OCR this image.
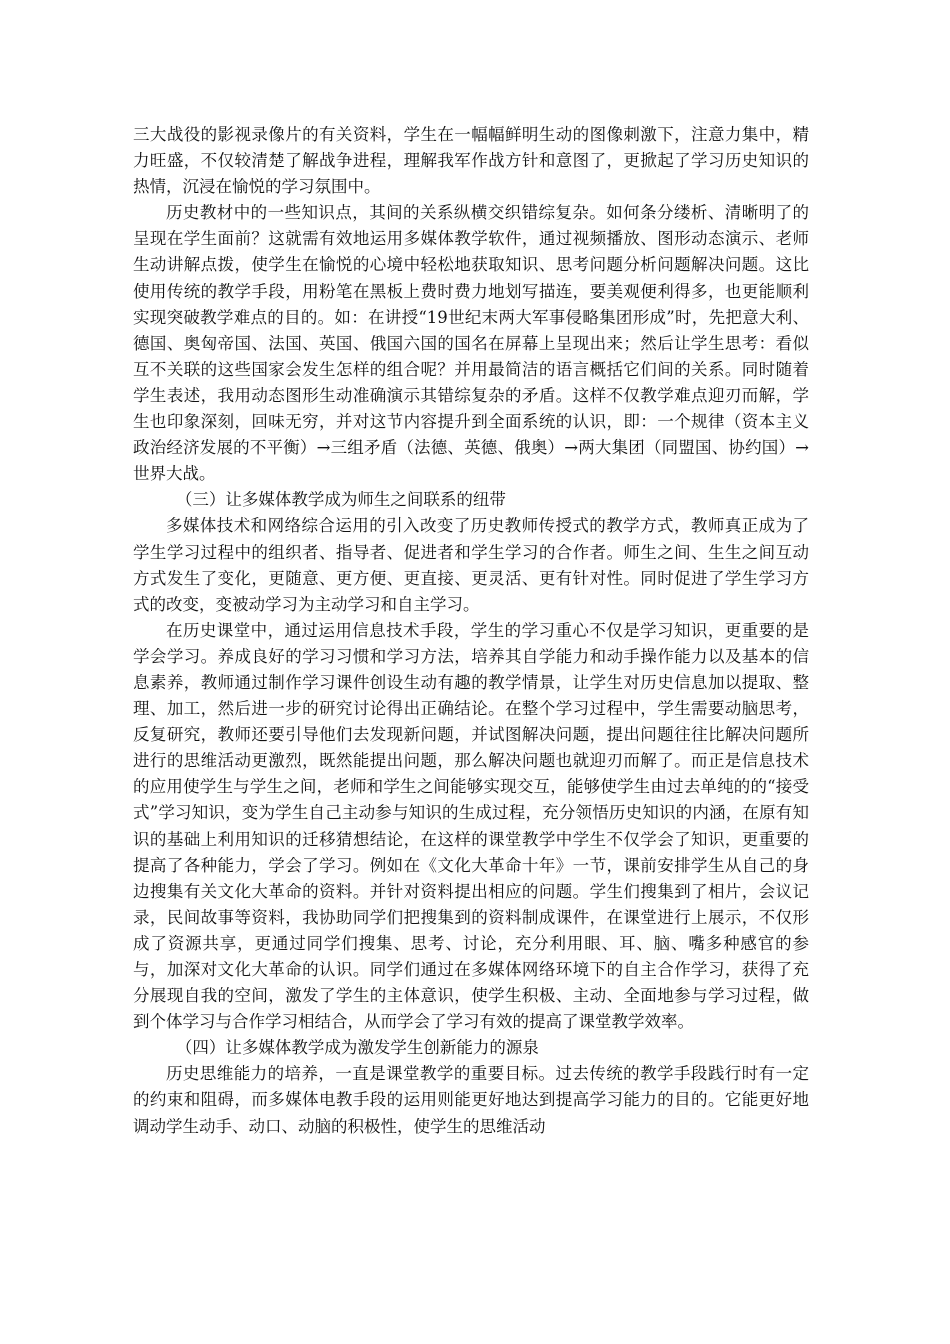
三大战役的影视录像片的有关资料，学生在一幅幅鲜明生动的图像刺激下，注意力集中，精力旺盛，不仅较清楚了解战争进程，理解我军作战方针和意图了，更掀起了学习历史知识的热情，沉浸在愉悦的学习氛围中。

历史教材中的一些知识点，其间的关系纵横交织错综复杂。如何条分缕析、清晰明了的呈现在学生面前？这就需有效地运用多媒体教学软件，通过视频播放、图形动态演示、老师生动讲解点拨，使学生在愉悦的心境中轻松地获取知识、思考问题分析问题解决问题。这比使用传统的教学手段，用粉笔在黑板上费时费力地划写描连，要美观便利得多，也更能顺利实现突破教学难点的目的。如：在讲授“19世纪末两大军事侵略集团形成”时，先把意大利、德国、奥匈帝国、法国、英国、俄国六国的国名在屏幕上呈现出来；然后让学生思考：看似互不关联的这些国家会发生怎样的组合呢？并用最简洁的语言概括它们间的关系。同时随着学生表述，我用动态图形生动准确演示其错综复杂的矛盾。这样不仅教学难点迎刃而解，学生也印象深刻，回味无穷，并对这节内容提升到全面系统的认识，即：一个规律（资本主义政治经济发展的不平衡）→三组矛盾（法德、英德、俄奥）→两大集团（同盟国、协约国）→世界大战。

（三）让多媒体教学成为师生之间联系的纽带

多媒体技术和网络综合运用的引入改变了历史教师传授式的教学方式，教师真正成为了学生学习过程中的组织者、指导者、促进者和学生学习的合作者。师生之间、生生之间互动方式发生了变化，更随意、更方便、更直接、更灵活、更有针对性。同时促进了学生学习方式的改变，变被动学习为主动学习和自主学习。

在历史课堂中，通过运用信息技术手段，学生的学习重心不仅是学习知识，更重要的是学会学习。养成良好的学习习惯和学习方法，培养其自学能力和动手操作能力以及基本的信息素养，教师通过制作学习课件创设生动有趣的教学情景，让学生对历史信息加以提取、整理、加工，然后进一步的研究讨论得出正确结论。在整个学习过程中，学生需要动脑思考，反复研究，教师还要引导他们去发现新问题，并试图解决问题，提出问题往往比解决问题所进行的思维活动更激烈，既然能提出问题，那么解决问题也就迎刃而解了。而正是信息技术的应用使学生与学生之间，老师和学生之间能够实现交互，能够使学生由过去单纯的的“接受式”学习知识，变为学生自己主动参与知识的生成过程，充分领悟历史知识的内涵，在原有知识的基础上利用知识的迁移猜想结论，在这样的课堂教学中学生不仅学会了知识，更重要的提高了各种能力，学会了学习。例如在《文化大革命十年》一节，课前安排学生从自己的身边搜集有关文化大革命的资料。并针对资料提出相应的问题。学生们搜集到了相片，会议记录，民间故事等资料，我协助同学们把搜集到的资料制成课件，在课堂进行上展示，不仅形成了资源共享，更通过同学们搜集、思考、讨论，充分利用眼、耳、脑、嘴多种感官的参与，加深对文化大革命的认识。同学们通过在多媒体网络环境下的自主合作学习，获得了充分展现自我的空间，激发了学生的主体意识，使学生积极、主动、全面地参与学习过程，做到个体学习与合作学习相结合，从而学会了学习有效的提高了课堂教学效率。

（四）让多媒体教学成为激发学生创新能力的源泉

历史思维能力的培养，一直是课堂教学的重要目标。过去传统的教学手段践行时有一定的约束和阻碍，而多媒体电教手段的运用则能更好地达到提高学习能力的目的。它能更好地调动学生动手、动口、动脑的积极性，使学生的思维活动
